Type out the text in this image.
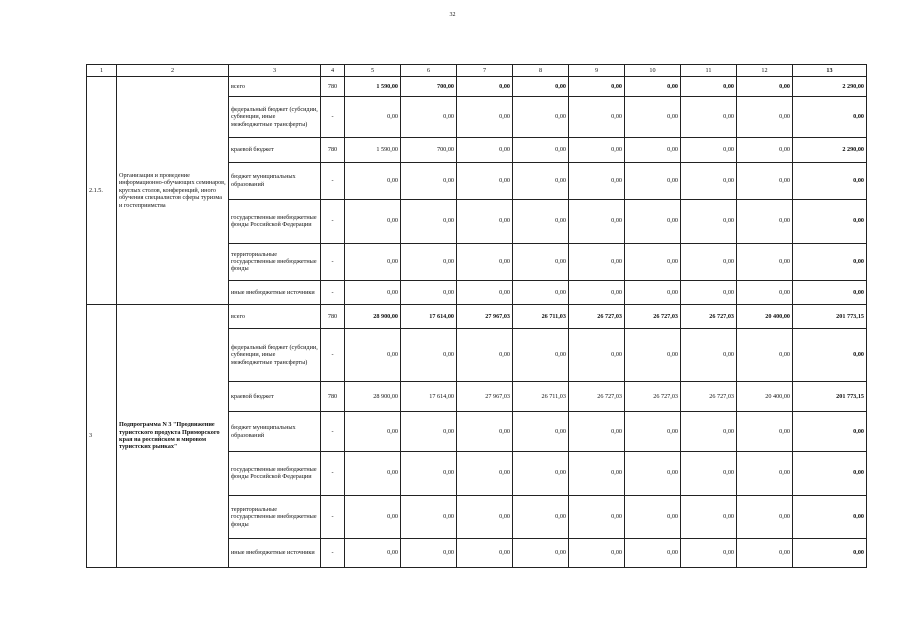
32
1	2	3	4	5	6	7	8	9	10	11	12	13
2.1.5.	Организация и проведение информационно-обучающих семинаров, круглых столов, конференций, иного обучения специалистов сферы туризма и гостеприимства	всего	780	1 590,00	700,00	0,00	0,00	0,00	0,00	0,00	0,00	2 290,00
		федеральный бюджет (субсидии, субвенции, иные межбюджетные трансферты)	-	0,00	0,00	0,00	0,00	0,00	0,00	0,00	0,00	0,00
		краевой бюджет	780	1 590,00	700,00	0,00	0,00	0,00	0,00	0,00	0,00	2 290,00
		бюджет муниципальных образований	-	0,00	0,00	0,00	0,00	0,00	0,00	0,00	0,00	0,00
		государственные внебюджетные фонды Российской Федерации	-	0,00	0,00	0,00	0,00	0,00	0,00	0,00	0,00	0,00
		территориальные государственные внебюджетные фонды	-	0,00	0,00	0,00	0,00	0,00	0,00	0,00	0,00	0,00
		иные внебюджетные источники	-	0,00	0,00	0,00	0,00	0,00	0,00	0,00	0,00	0,00
3	Подпрограмма N 3 "Продвижение туристского продукта Приморского края на российском и мировом туристских рынках"	всего	780	28 900,00	17 614,00	27 967,03	26 711,03	26 727,03	26 727,03	26 727,03	20 400,00	201 773,15
		федеральный бюджет (субсидии, субвенции, иные межбюджетные трансферты)	-	0,00	0,00	0,00	0,00	0,00	0,00	0,00	0,00	0,00
		краевой бюджет	780	28 900,00	17 614,00	27 967,03	26 711,03	26 727,03	26 727,03	26 727,03	20 400,00	201 773,15
		бюджет муниципальных образований	-	0,00	0,00	0,00	0,00	0,00	0,00	0,00	0,00	0,00
		государственные внебюджетные фонды Российской Федерации	-	0,00	0,00	0,00	0,00	0,00	0,00	0,00	0,00	0,00
		территориальные государственные внебюджетные фонды	-	0,00	0,00	0,00	0,00	0,00	0,00	0,00	0,00	0,00
		иные внебюджетные источники	-	0,00	0,00	0,00	0,00	0,00	0,00	0,00	0,00	0,00
